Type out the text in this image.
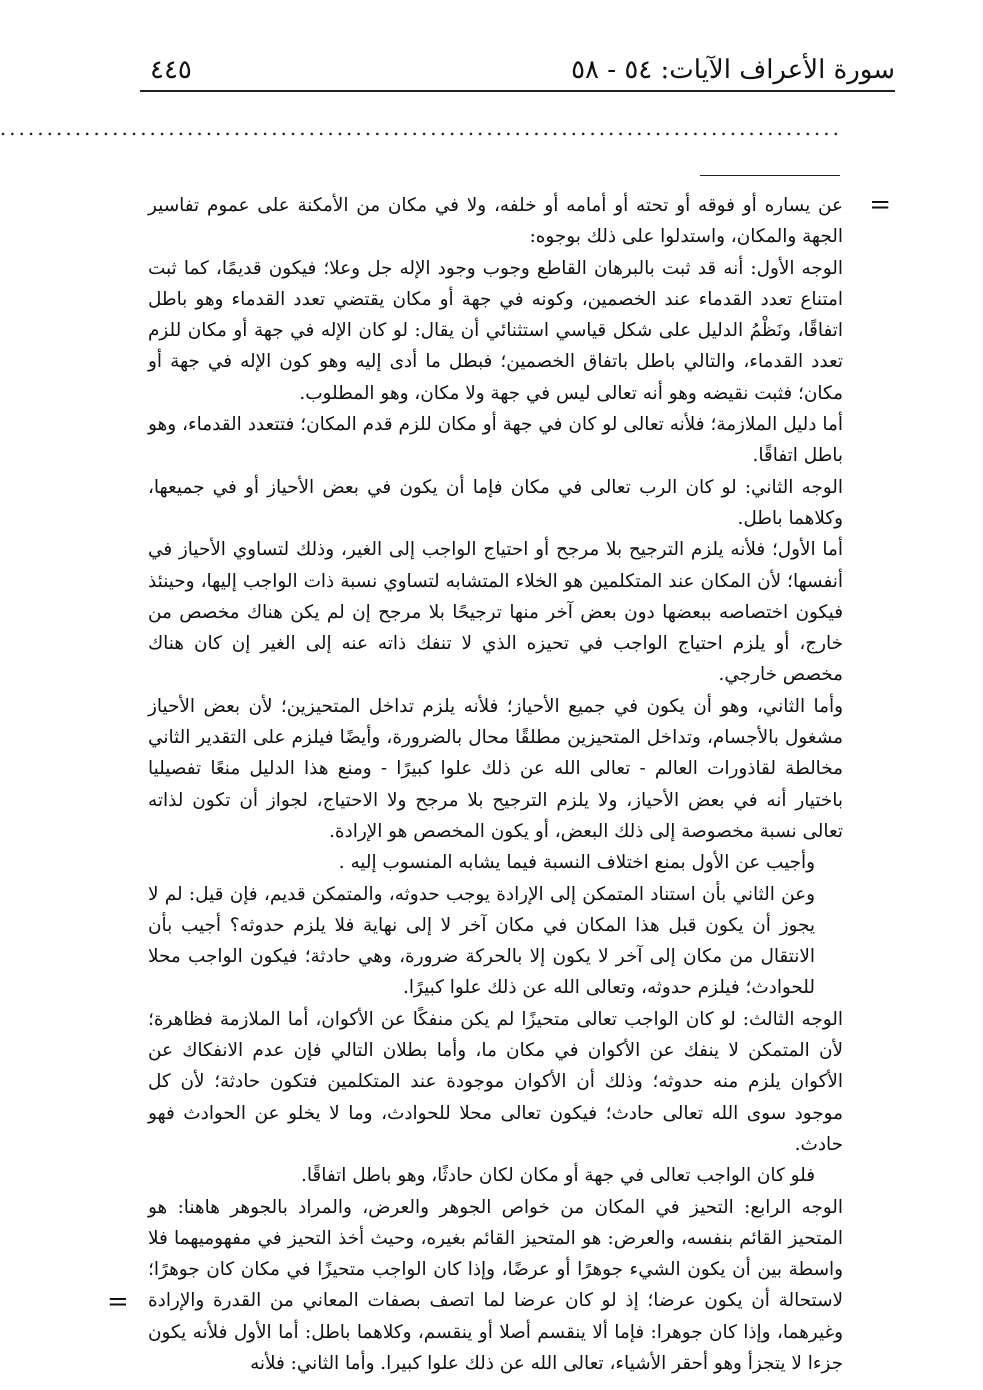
سورة الأعراف الآيات: ٥٤ - ٥٨
٤٤٥
..........................................................................................
=

عن يساره أو فوقه أو تحته أو أمامه أو خلفه، ولا في مكان من الأمكنة على عموم تفاسير الجهة والمكان، واستدلوا على ذلك بوجوه:

الوجه الأول: أنه قد ثبت بالبرهان القاطع وجوب وجود الإله جل وعلا؛ فيكون قديمًا، كما ثبت امتناع تعدد القدماء عند الخصمين، وكونه في جهة أو مكان يقتضي تعدد القدماء وهو باطل اتفاقًا، ونَظْمُ الدليل على شكل قياسي استثنائي أن يقال: لو كان الإله في جهة أو مكان للزم تعدد القدماء، والتالي باطل باتفاق الخصمين؛ فبطل ما أدى إليه وهو كون الإله في جهة أو مكان؛ فثبت نقيضه وهو أنه تعالى ليس في جهة ولا مكان، وهو المطلوب.

أما دليل الملازمة؛ فلأنه تعالى لو كان في جهة أو مكان للزم قدم المكان؛ فتتعدد القدماء، وهو باطل اتفاقًا.

الوجه الثاني: لو كان الرب تعالى في مكان فإما أن يكون في بعض الأحياز أو في جميعها، وكلاهما باطل.

أما الأول؛ فلأنه يلزم الترجيح بلا مرجح أو احتياج الواجب إلى الغير، وذلك لتساوي الأحياز في أنفسها؛ لأن المكان عند المتكلمين هو الخلاء المتشابه لتساوي نسبة ذات الواجب إليها، وحينئذ فيكون اختصاصه ببعضها دون بعض آخر منها ترجيحًا بلا مرجح إن لم يكن هناك مخصص من خارج، أو يلزم احتياج الواجب في تحيزه الذي لا تنفك ذاته عنه إلى الغير إن كان هناك مخصص خارجي.

وأما الثاني، وهو أن يكون في جميع الأحياز؛ فلأنه يلزم تداخل المتحيزين؛ لأن بعض الأحياز مشغول بالأجسام، وتداخل المتحيزين مطلقًا محال بالضرورة، وأيضًا فيلزم على التقدير الثاني مخالطة لقاذورات العالم - تعالى الله عن ذلك علوا كبيرًا - ومنع هذا الدليل منعًا تفصيليا باختيار أنه في بعض الأحياز، ولا يلزم الترجيح بلا مرجح ولا الاحتياج، لجواز أن تكون لذاته تعالى نسبة مخصوصة إلى ذلك البعض، أو يكون المخصص هو الإرادة.

وأجيب عن الأول بمنع اختلاف النسبة فيما يشابه المنسوب إليه .

وعن الثاني بأن استناد المتمكن إلى الإرادة يوجب حدوثه، والمتمكن قديم، فإن قيل: لم لا يجوز أن يكون قبل هذا المكان في مكان آخر لا إلى نهاية فلا يلزم حدوثه؟ أجيب بأن الانتقال من مكان إلى آخر لا يكون إلا بالحركة ضرورة، وهي حادثة؛ فيكون الواجب محلا للحوادث؛ فيلزم حدوثه، وتعالى الله عن ذلك علوا كبيرًا.

الوجه الثالث: لو كان الواجب تعالى متحيزًا لم يكن منفكًا عن الأكوان، أما الملازمة فظاهرة؛ لأن المتمكن لا ينفك عن الأكوان في مكان ما، وأما بطلان التالي فإن عدم الانفكاك عن الأكوان يلزم منه حدوثه؛ وذلك أن الأكوان موجودة عند المتكلمين فتكون حادثة؛ لأن كل موجود سوى الله تعالى حادث؛ فيكون تعالى محلا للحوادث، وما لا يخلو عن الحوادث فهو حادث.

فلو كان الواجب تعالى في جهة أو مكان لكان حادثًا، وهو باطل اتفاقًا.

الوجه الرابع: التحيز في المكان من خواص الجوهر والعرض، والمراد بالجوهر هاهنا: هو المتحيز القائم بنفسه، والعرض: هو المتحيز القائم بغيره، وحيث أخذ التحيز في مفهوميهما فلا واسطة بين أن يكون الشيء جوهرًا أو عرضًا، وإذا كان الواجب متحيزًا في مكان كان جوهرًا؛ لاستحالة أن يكون عرضا؛ إذ لو كان عرضا لما اتصف بصفات المعاني من القدرة والإرادة وغيرهما، وإذا كان جوهرا: فإما ألا ينقسم أصلا أو ينقسم، وكلاهما باطل: أما الأول فلأنه يكون جزءا لا يتجزأ وهو أحقر الأشياء، تعالى الله عن ذلك علوا كبيرا. وأما الثاني: فلأنه

=
